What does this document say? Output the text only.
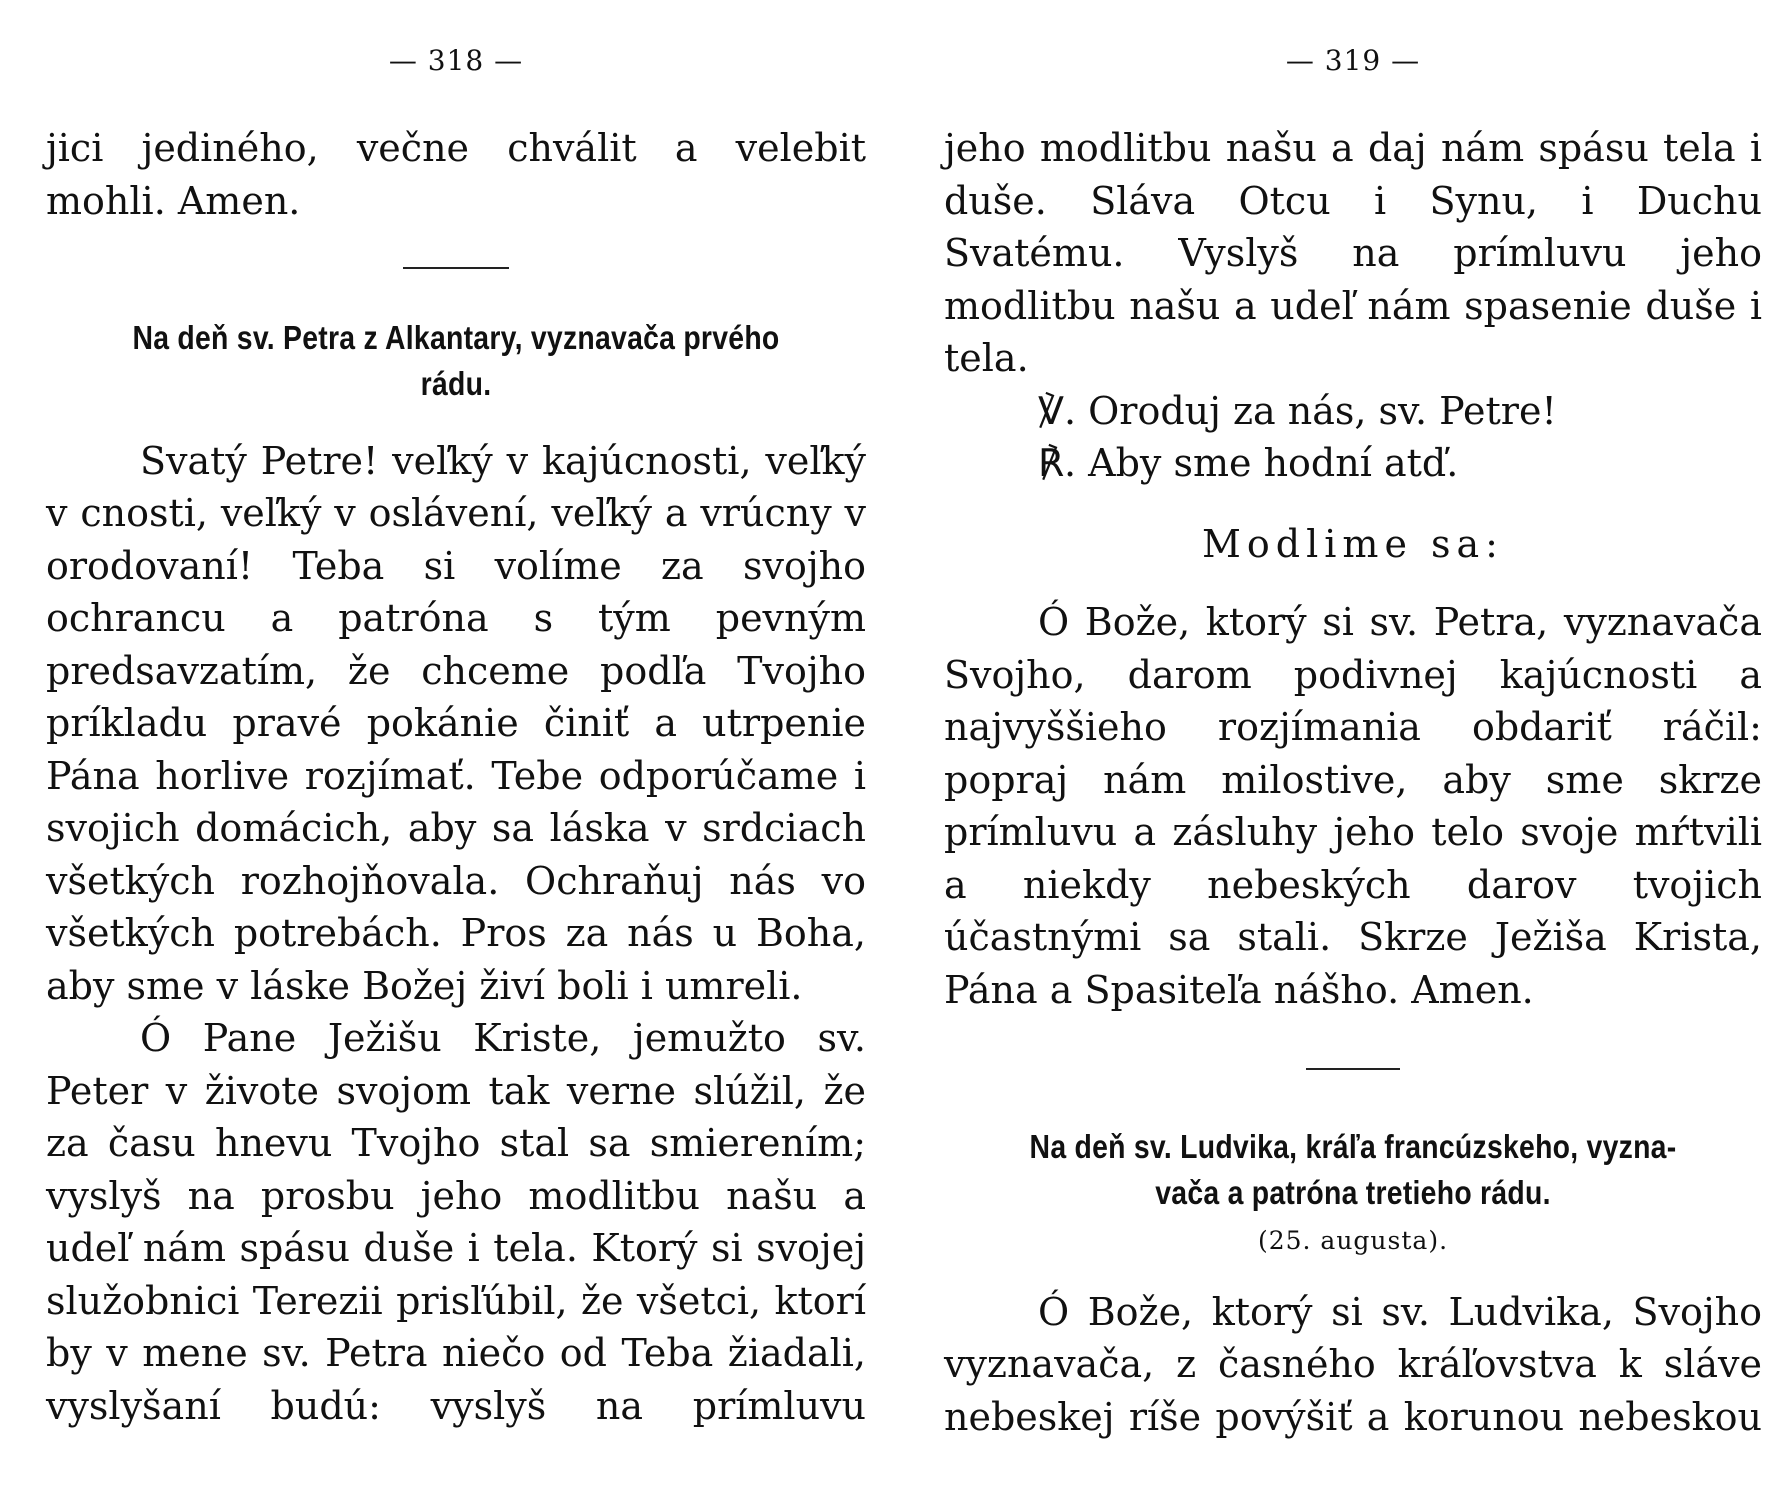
— 318 —

jici jediného, večne chválit a velebit mohli. Amen.

Na deň sv. Petra z Alkantary, vyznavača prvého
rádu.

Svatý Petre! veľký v kajúcnosti, veľký v cnosti, veľký v oslávení, veľký a vrúcny v orodovaní! Teba si volíme za svojho ochrancu a patróna s tým pevným predsavzatím, že chceme podľa Tvojho príkladu pravé pokánie činiť a utrpenie Pána horlive rozjímať. Tebe odporúčame i svojich domácich, aby sa láska v srdciach všetkých rozhojňovala. Ochraňuj nás vo všetkých potrebách. Pros za nás u Boha, aby sme v láske Božej živí boli i umreli.

Ó Pane Ježišu Kriste, jemužto sv. Peter v živote svojom tak verne slúžil, že za času hnevu Tvojho stal sa smierením; vyslyš na prosbu jeho modlitbu našu a udeľ nám spásu duše i tela. Ktorý si svojej služobnici Terezii prisľúbil, že všetci, ktorí by v mene sv. Petra niečo od Teba žiadali, vyslyšaní budú: vyslyš na prímluvu

— 319 —

jeho modlitbu našu a daj nám spásu tela i duše. Sláva Otcu i Synu, i Duchu Svatému. Vyslyš na prímluvu jeho modlitbu našu a udeľ nám spasenie duše i tela.

℣. Oroduj za nás, sv. Petre!

℟. Aby sme hodní atď.

Modlime sa:

Ó Bože, ktorý si sv. Petra, vyznavača Svojho, darom podivnej kajúcnosti a najvyššieho rozjímania obdariť ráčil: popraj nám milostive, aby sme skrze prímluvu a zásluhy jeho telo svoje mŕtvili a niekdy nebeských darov tvojich účastnými sa stali. Skrze Ježiša Krista, Pána a Spasiteľa nášho. Amen.

Na deň sv. Ludvika, kráľa francúzskeho, vyzna-
vača a patróna tretieho rádu.
(25. augusta).

Ó Bože, ktorý si sv. Ludvika, Svojho vyznavača, z časného kráľovstva k sláve nebeskej ríše povýšiť a korunou nebeskou
